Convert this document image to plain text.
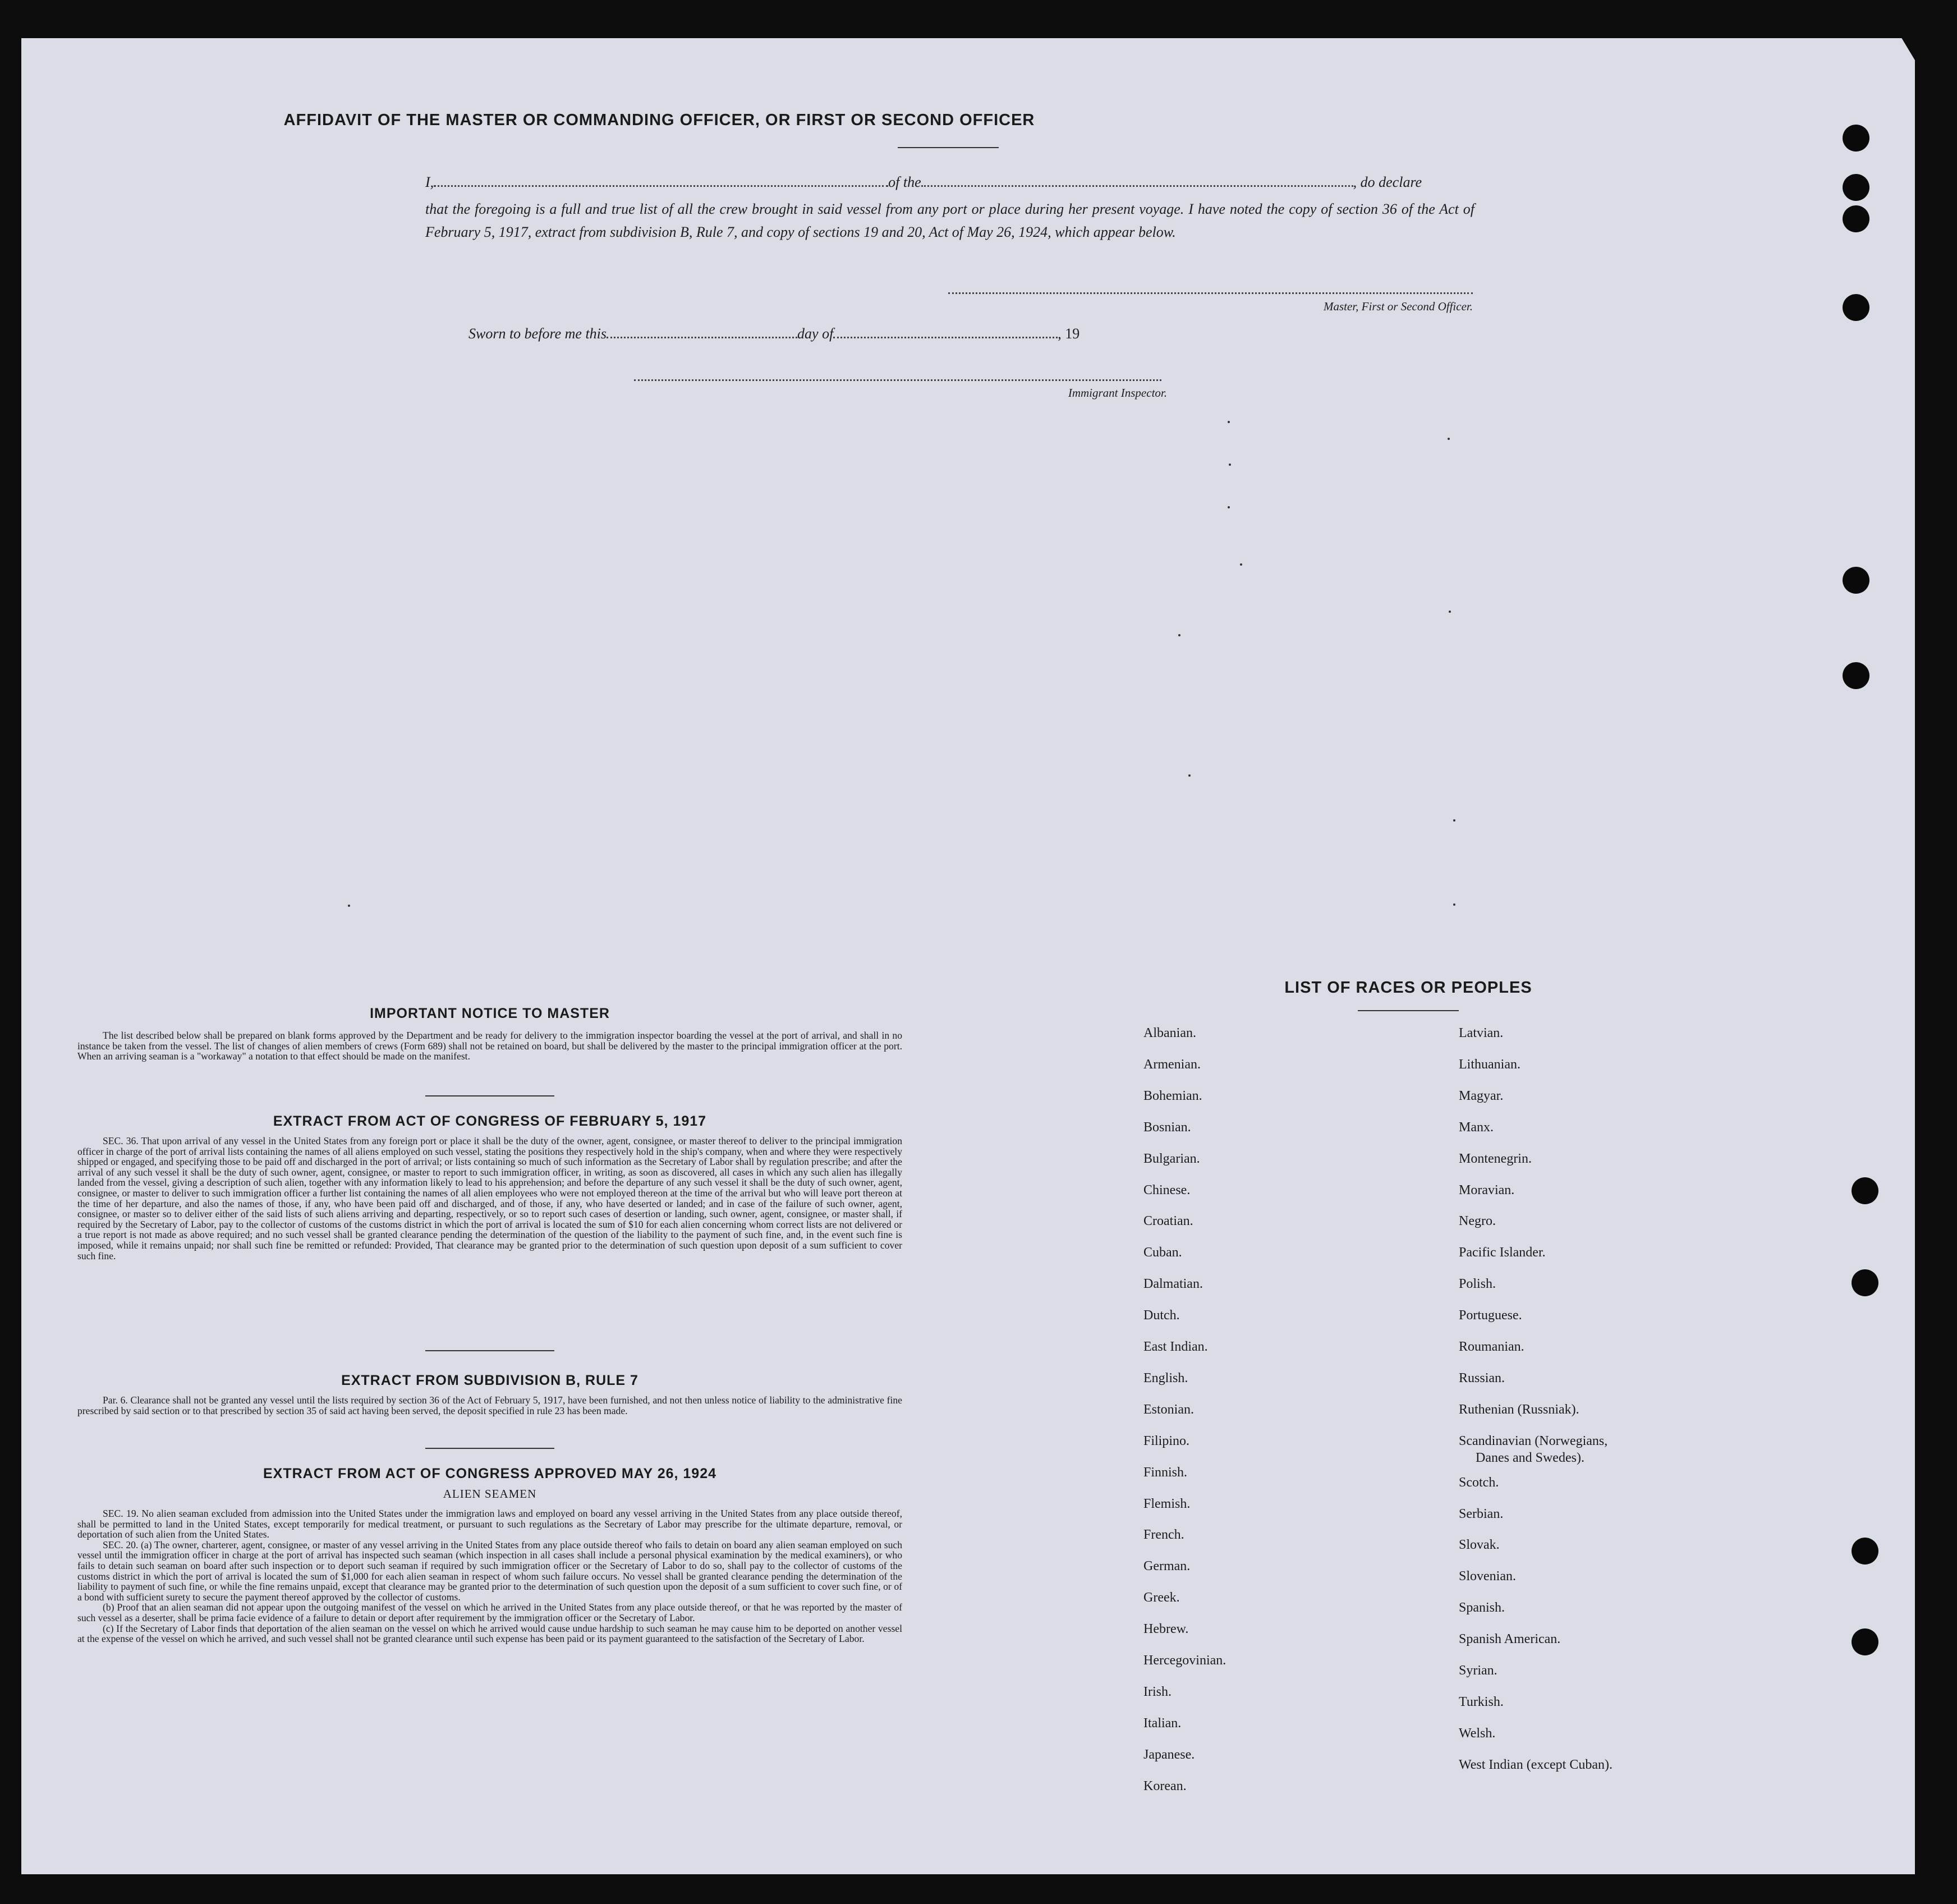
AFFIDAVIT OF THE MASTER OR COMMANDING OFFICER, OR FIRST OR SECOND OFFICER
I,	of the	, do declare
that the foregoing is a full and true list of all the crew brought in said vessel from any port or place during her present voyage. I have noted the copy of section 36 of the Act of February 5, 1917, extract from subdivision B, Rule 7, and copy of sections 19 and 20, Act of May 26, 1924, which appear below.
Master, First or Second Officer.
Sworn to before me this	day of	, 19
Immigrant Inspector.
IMPORTANT NOTICE TO MASTER
The list described below shall be prepared on blank forms approved by the Department and be ready for delivery to the immigration inspector boarding the vessel at the port of arrival, and shall in no instance be taken from the vessel. The list of changes of alien members of crews (Form 689) shall not be retained on board, but shall be delivered by the master to the principal immigration officer at the port. When an arriving seaman is a "workaway" a notation to that effect should be made on the manifest.
EXTRACT FROM ACT OF CONGRESS OF FEBRUARY 5, 1917
SEC. 36. That upon arrival of any vessel in the United States from any foreign port or place it shall be the duty of the owner, agent, consignee, or master thereof to deliver to the principal immigration officer in charge of the port of arrival lists containing the names of all aliens employed on such vessel, stating the positions they respectively hold in the ship's company, when and where they were respectively shipped or engaged, and specifying those to be paid off and discharged in the port of arrival; or lists containing so much of such information as the Secretary of Labor shall by regulation prescribe; and after the arrival of any such vessel it shall be the duty of such owner, agent, consignee, or master to report to such immigration officer, in writing, as soon as discovered, all cases in which any such alien has illegally landed from the vessel, giving a description of such alien, together with any information likely to lead to his apprehension; and before the departure of any such vessel it shall be the duty of such owner, agent, consignee, or master to deliver to such immigration officer a further list containing the names of all alien employees who were not employed thereon at the time of the arrival but who will leave port thereon at the time of her departure, and also the names of those, if any, who have been paid off and discharged, and of those, if any, who have deserted or landed; and in case of the failure of such owner, agent, consignee, or master so to deliver either of the said lists of such aliens arriving and departing, respectively, or so to report such cases of desertion or landing, such owner, agent, consignee, or master shall, if required by the Secretary of Labor, pay to the collector of customs of the customs district in which the port of arrival is located the sum of $10 for each alien concerning whom correct lists are not delivered or a true report is not made as above required; and no such vessel shall be granted clearance pending the determination of the question of the liability to the payment of such fine, and, in the event such fine is imposed, while it remains unpaid; nor shall such fine be remitted or refunded: Provided, That clearance may be granted prior to the determination of such question upon deposit of a sum sufficient to cover such fine.
EXTRACT FROM SUBDIVISION B, RULE 7
Par. 6. Clearance shall not be granted any vessel until the lists required by section 36 of the Act of February 5, 1917, have been furnished, and not then unless notice of liability to the administrative fine prescribed by said section or to that prescribed by section 35 of said act having been served, the deposit specified in rule 23 has been made.
EXTRACT FROM ACT OF CONGRESS APPROVED MAY 26, 1924
ALIEN SEAMEN
SEC. 19. No alien seaman excluded from admission into the United States under the immigration laws and employed on board any vessel arriving in the United States from any place outside thereof, shall be permitted to land in the United States, except temporarily for medical treatment, or pursuant to such regulations as the Secretary of Labor may prescribe for the ultimate departure, removal, or deportation of such alien from the United States.
SEC. 20. (a) The owner, charterer, agent, consignee, or master of any vessel arriving in the United States from any place outside thereof who fails to detain on board any alien seaman employed on such vessel until the immigration officer in charge at the port of arrival has inspected such seaman (which inspection in all cases shall include a personal physical examination by the medical examiners), or who fails to detain such seaman on board after such inspection or to deport such seaman if required by such immigration officer or the Secretary of Labor to do so, shall pay to the collector of customs of the customs district in which the port of arrival is located the sum of $1,000 for each alien seaman in respect of whom such failure occurs. No vessel shall be granted clearance pending the determination of the liability to payment of such fine, or while the fine remains unpaid, except that clearance may be granted prior to the determination of such question upon the deposit of a sum sufficient to cover such fine, or of a bond with sufficient surety to secure the payment thereof approved by the collector of customs.
(b) Proof that an alien seaman did not appear upon the outgoing manifest of the vessel on which he arrived in the United States from any place outside thereof, or that he was reported by the master of such vessel as a deserter, shall be prima facie evidence of a failure to detain or deport after requirement by the immigration officer or the Secretary of Labor.
(c) If the Secretary of Labor finds that deportation of the alien seaman on the vessel on which he arrived would cause undue hardship to such seaman he may cause him to be deported on another vessel at the expense of the vessel on which he arrived, and such vessel shall not be granted clearance until such expense has been paid or its payment guaranteed to the satisfaction of the Secretary of Labor.
LIST OF RACES OR PEOPLES
Albanian.
Armenian.
Bohemian.
Bosnian.
Bulgarian.
Chinese.
Croatian.
Cuban.
Dalmatian.
Dutch.
East Indian.
English.
Estonian.
Filipino.
Finnish.
Flemish.
French.
German.
Greek.
Hebrew.
Hercegovinian.
Irish.
Italian.
Japanese.
Korean.
Latvian.
Lithuanian.
Magyar.
Manx.
Montenegrin.
Moravian.
Negro.
Pacific Islander.
Polish.
Portuguese.
Roumanian.
Russian.
Ruthenian (Russniak).
Scandinavian (Norwegians,
Scotch.
Serbian.
Slovak.
Slovenian.
Spanish.
Spanish American.
Syrian.
Turkish.
Welsh.
West Indian (except Cuban).
Danes and Swedes).
